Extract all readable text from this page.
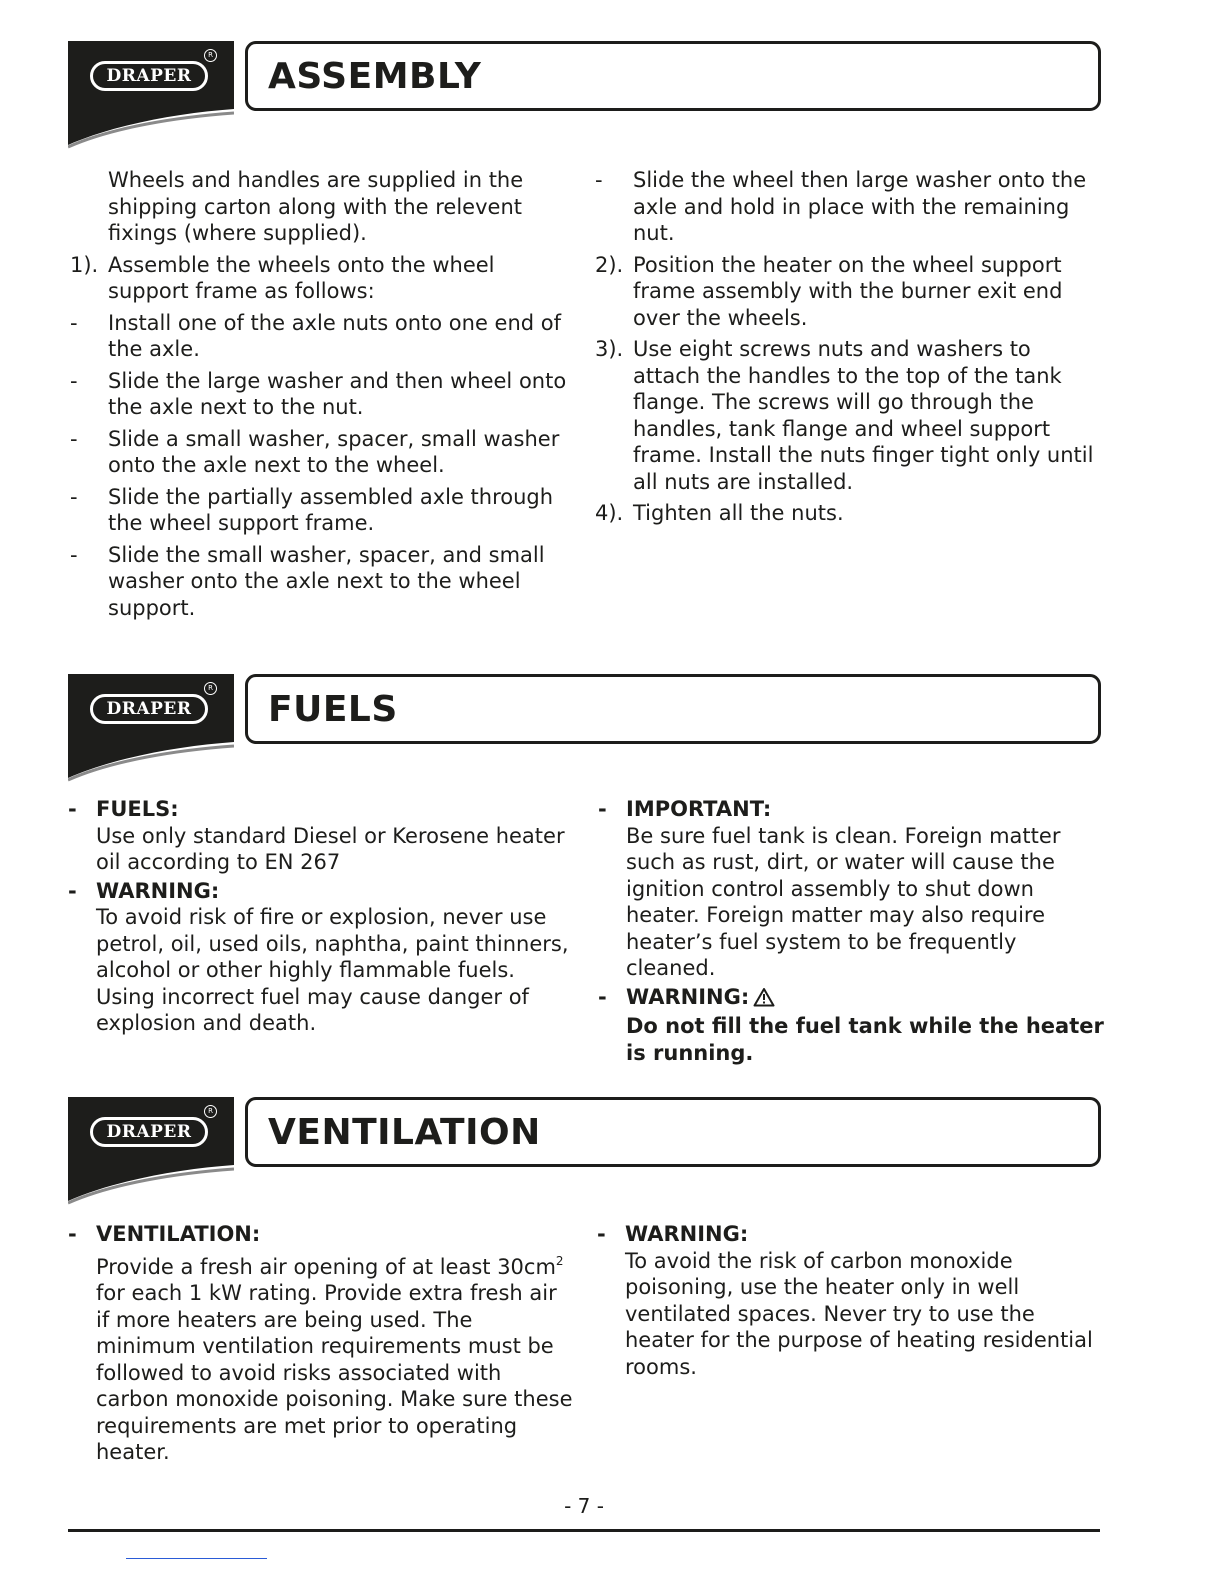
DRAPER
R
ASSEMBLY
Wheels and handles are supplied in the shipping carton along with the relevent fixings (where supplied).
1). Assemble the wheels onto the wheel support frame as follows:
- Install one of the axle nuts onto one end of the axle.
- Slide the large washer and then wheel onto the axle next to the nut.
- Slide a small washer, spacer, small washer onto the axle next to the wheel.
- Slide the partially assembled axle through the wheel support frame.
- Slide the small washer, spacer, and small washer onto the axle next to the wheel support.
- Slide the wheel then large washer onto the axle and hold in place with the remaining nut.
2). Position the heater on the wheel support frame assembly with the burner exit end over the wheels.
3). Use eight screws nuts and washers to attach the handles to the top of the tank flange. The screws will go through the handles, tank flange and wheel support frame. Install the nuts finger tight only until all nuts are installed.
4). Tighten all the nuts.
DRAPER
R
FUELS
- FUELS:
Use only standard Diesel or Kerosene heater oil according to EN 267
- WARNING:
To avoid risk of fire or explosion, never use petrol, oil, used oils, naphtha, paint thinners, alcohol or other highly flammable fuels. Using incorrect fuel may cause danger of explosion and death.
- IMPORTANT:
Be sure fuel tank is clean. Foreign matter such as rust, dirt, or water will cause the ignition control assembly to shut down heater. Foreign matter may also require heater’s fuel system to be frequently cleaned.
- WARNING:
Do not fill the fuel tank while the heater is running.
DRAPER
R
VENTILATION
- VENTILATION:
Provide a fresh air opening of at least $30cm^2$ for each 1 kW rating. Provide extra fresh air if more heaters are being used. The minimum ventilation requirements must be followed to avoid risks associated with carbon monoxide poisoning. Make sure these requirements are met prior to operating heater.
- WARNING:
To avoid the risk of carbon monoxide poisoning, use the heater only in well ventilated spaces. Never try to use the heater for the purpose of heating residential rooms.
- 7 -
